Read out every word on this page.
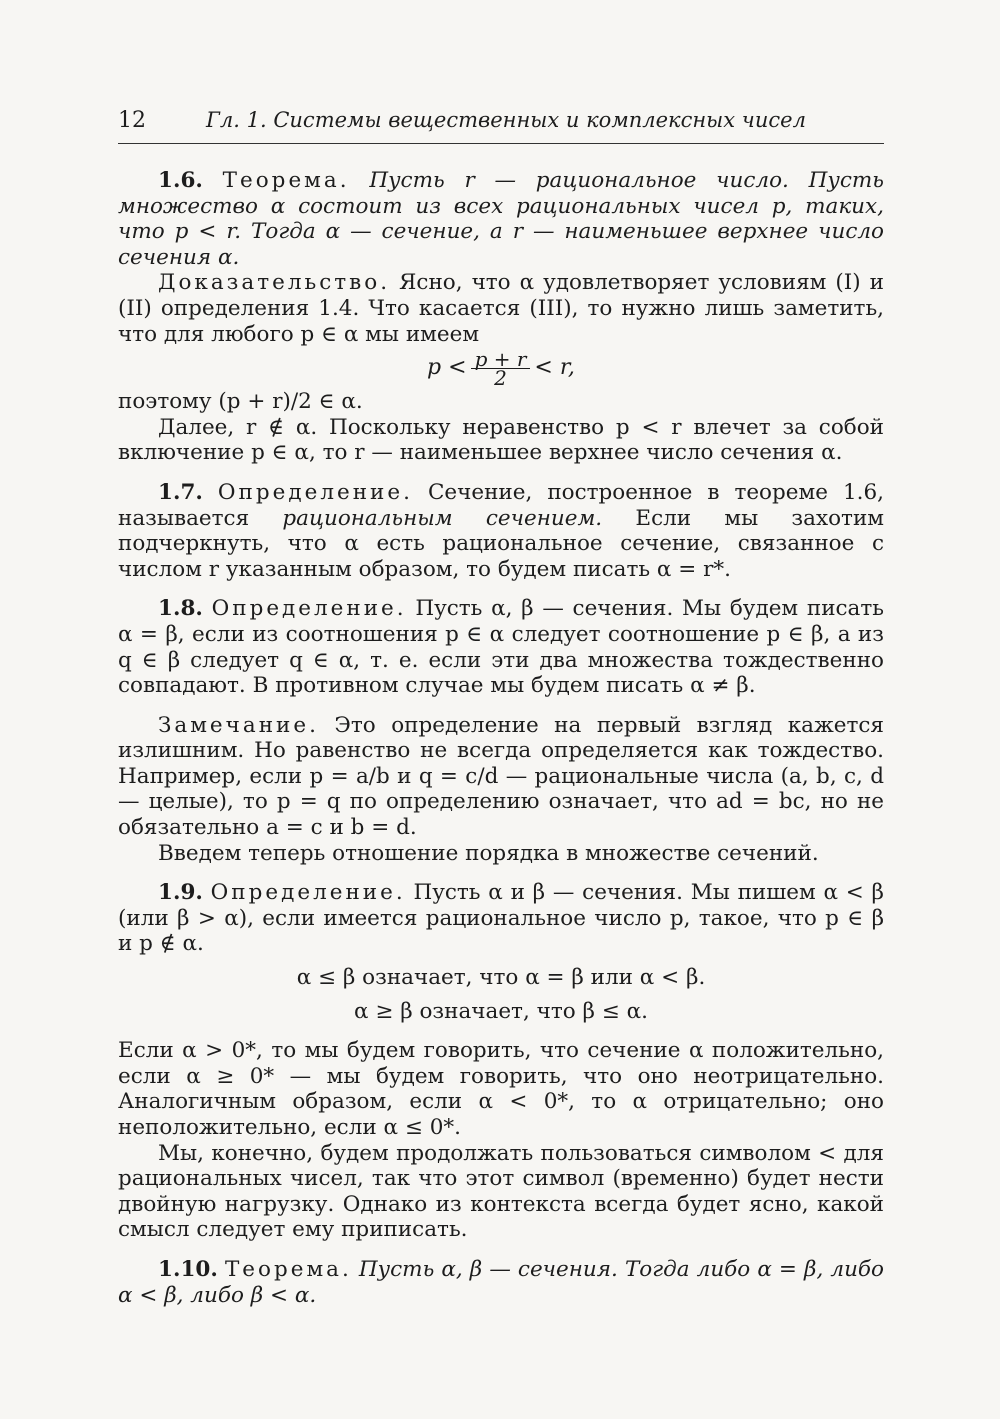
12	Гл. 1. Системы вещественных и комплексных чисел

1.6. Теорема. Пусть r — рациональное число. Пусть множество α состоит из всех рациональных чисел p, таких, что p < r. Тогда α — сечение, а r — наименьшее верхнее число сечения α.

Доказательство. Ясно, что α удовлетворяет условиям (I) и (II) определения 1.4. Что касается (III), то нужно лишь заметить, что для любого p ∈ α мы имеем

$p < \frac{p + r}{2} < r$,

поэтому (p + r)/2 ∈ α.

Далее, r ∉ α. Поскольку неравенство p < r влечет за собой включение p ∈ α, то r — наименьшее верхнее число сечения α.

1.7. Определение. Сечение, построенное в теореме 1.6, называется рациональным сечением. Если мы захотим подчеркнуть, что α есть рациональное сечение, связанное с числом r указанным образом, то будем писать α = r*.

1.8. Определение. Пусть α, β — сечения. Мы будем писать α = β, если из соотношения p ∈ α следует соотношение p ∈ β, а из q ∈ β следует q ∈ α, т. е. если эти два множества тождественно совпадают. В противном случае мы будем писать α ≠ β.

Замечание. Это определение на первый взгляд кажется излишним. Но равенство не всегда определяется как тождество. Например, если p = a/b и q = c/d — рациональные числа (a, b, c, d — целые), то p = q по определению означает, что ad = bc, но не обязательно a = c и b = d.

Введем теперь отношение порядка в множестве сечений.

1.9. Определение. Пусть α и β — сечения. Мы пишем α < β (или β > α), если имеется рациональное число p, такое, что p ∈ β и p ∉ α.

α ≤ β означает, что α = β или α < β.
α ≥ β означает, что β ≤ α.

Если α > 0*, то мы будем говорить, что сечение α положительно, если α ≥ 0* — мы будем говорить, что оно неотрицательно. Аналогичным образом, если α < 0*, то α отрицательно; оно неположительно, если α ≤ 0*.

Мы, конечно, будем продолжать пользоваться символом < для рациональных чисел, так что этот символ (временно) будет нести двойную нагрузку. Однако из контекста всегда будет ясно, какой смысл следует ему приписать.

1.10. Теорема. Пусть α, β — сечения. Тогда либо α = β, либо α < β, либо β < α.
